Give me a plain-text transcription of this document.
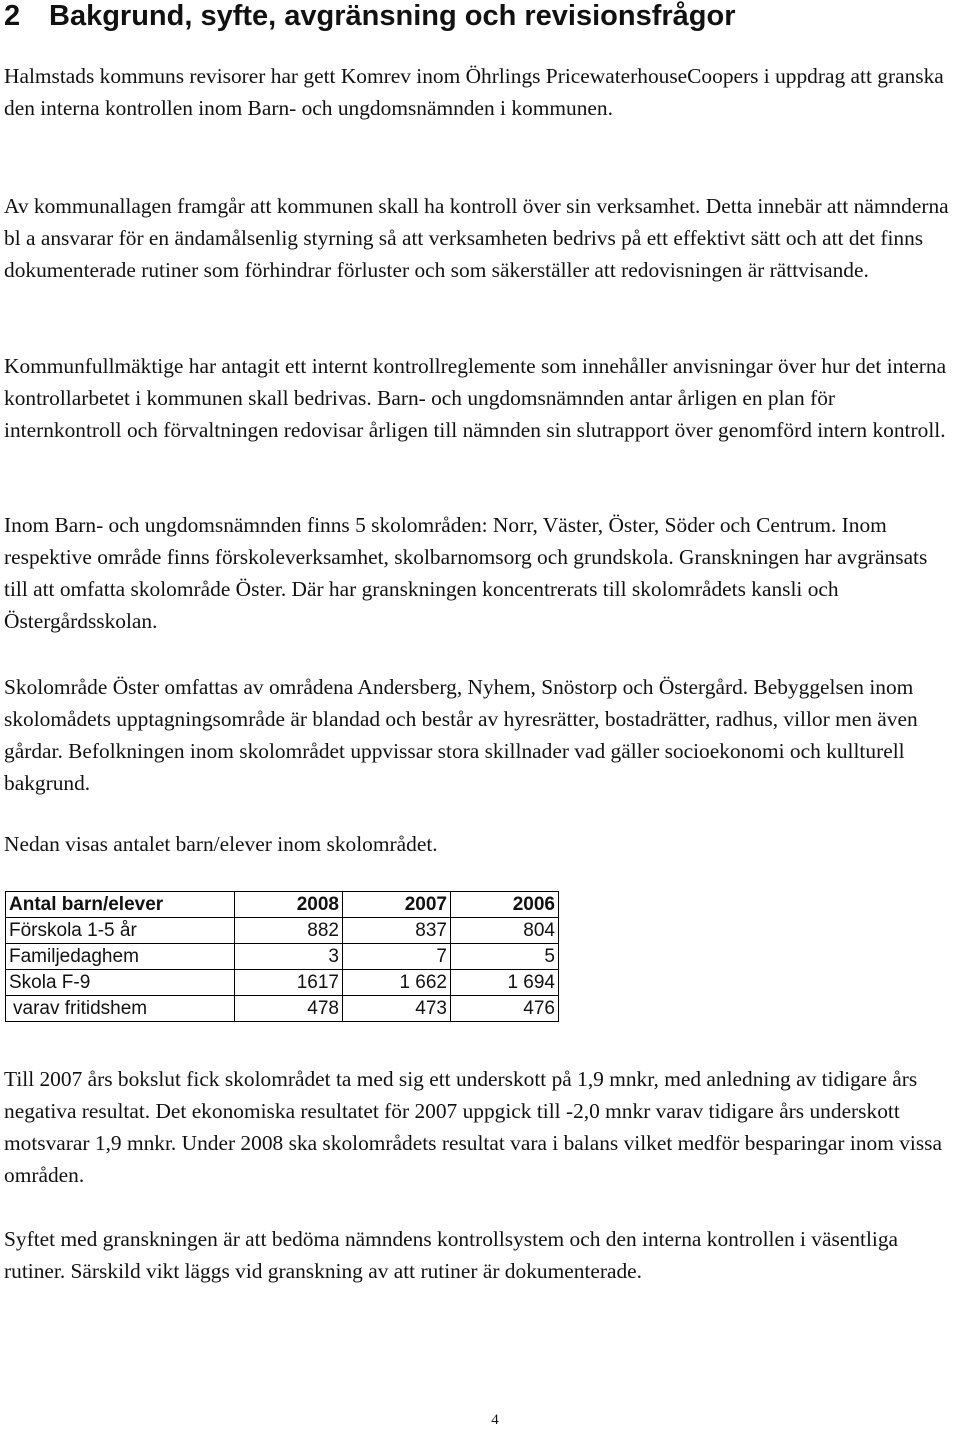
2 Bakgrund, syfte, avgränsning och revisionsfrågor

Halmstads kommuns revisorer har gett Komrev inom Öhrlings PricewaterhouseCoopers i uppdrag att granska den interna kontrollen inom Barn- och ungdomsnämnden i kommunen.

Av kommunallagen framgår att kommunen skall ha kontroll över sin verksamhet. Detta innebär att nämnderna bl a ansvarar för en ändamålsenlig styrning så att verksamheten bedrivs på ett effektivt sätt och att det finns dokumenterade rutiner som förhindrar förluster och som säkerställer att redovisningen är rättvisande.

Kommunfullmäktige har antagit ett internt kontrollreglemente som innehåller anvisningar över hur det interna kontrollarbetet i kommunen skall bedrivas. Barn- och ungdomsnämnden antar årligen en plan för internkontroll och förvaltningen redovisar årligen till nämnden sin slutrapport över genomförd intern kontroll.

Inom Barn- och ungdomsnämnden finns 5 skolområden: Norr, Väster, Öster, Söder och Centrum. Inom respektive område finns förskoleverksamhet, skolbarnomsorg och grundskola. Granskningen har avgränsats till att omfatta skolområde Öster. Där har granskningen koncentrerats till skolområdets kansli och Östergårdsskolan.

Skolområde Öster omfattas av områdena Andersberg, Nyhem, Snöstorp och Östergård. Bebyggelsen inom skolomådets upptagningsområde är blandad och består av hyresrätter, bostadrätter, radhus, villor men även gårdar. Befolkningen inom skolområdet uppvissar stora skillnader vad gäller socioekonomi och kullturell bakgrund.

Nedan visas antalet barn/elever inom skolområdet.

Antal barn/elever	2008	2007	2006
Förskola 1-5 år	882	837	804
Familjedaghem	3	7	5
Skola F-9	1617	1 662	1 694
varav fritidshem	478	473	476

Till 2007 års bokslut fick skolområdet ta med sig ett underskott på 1,9 mnkr, med anledning av tidigare års negativa resultat. Det ekonomiska resultatet för 2007 uppgick till -2,0 mnkr varav tidigare års underskott motsvarar 1,9 mnkr. Under 2008 ska skolområdets resultat vara i balans vilket medför besparingar inom vissa områden.

Syftet med granskningen är att bedöma nämndens kontrollsystem och den interna kontrollen i väsentliga rutiner. Särskild vikt läggs vid granskning av att rutiner är dokumenterade.

4
